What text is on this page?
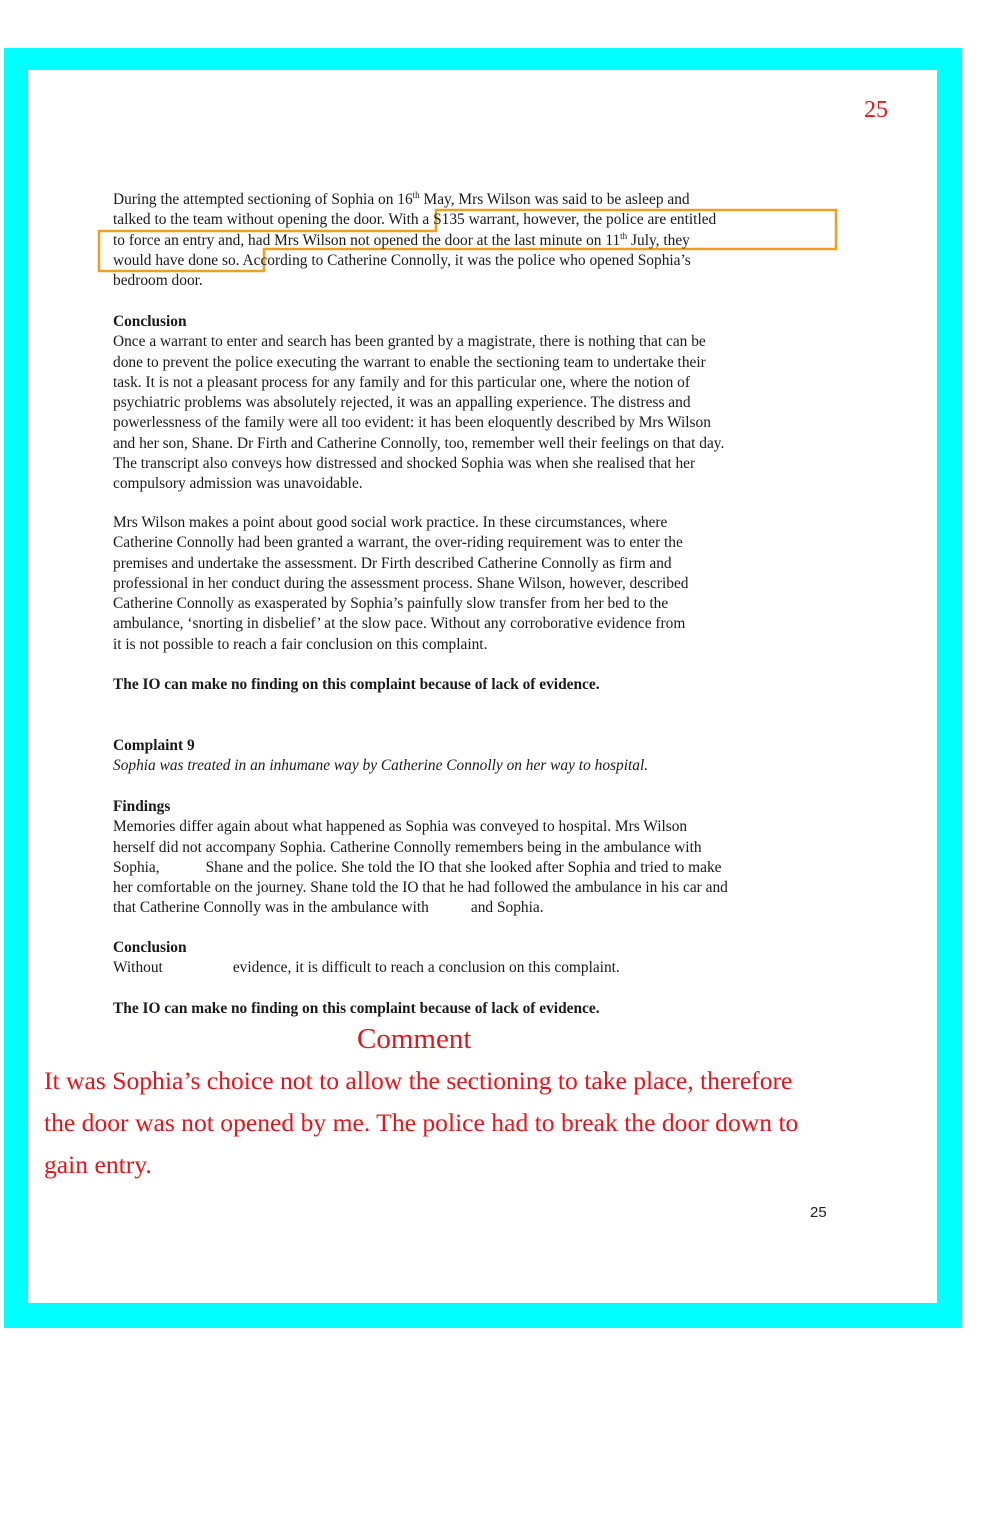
25
During the attempted sectioning of Sophia on 16th May, Mrs Wilson was said to be asleep and
talked to the team without opening the door. With a S135 warrant, however, the police are entitled
to force an entry and, had Mrs Wilson not opened the door at the last minute on 11th July, they
would have done so. According to Catherine Connolly, it was the police who opened Sophia’s
bedroom door.
Conclusion
Once a warrant to enter and search has been granted by a magistrate, there is nothing that can be
done to prevent the police executing the warrant to enable the sectioning team to undertake their
task. It is not a pleasant process for any family and for this particular one, where the notion of
psychiatric problems was absolutely rejected, it was an appalling experience. The distress and
powerlessness of the family were all too evident: it has been eloquently described by Mrs Wilson
and her son, Shane. Dr Firth and Catherine Connolly, too, remember well their feelings on that day.
The transcript also conveys how distressed and shocked Sophia was when she realised that her
compulsory admission was unavoidable.
Mrs Wilson makes a point about good social work practice. In these circumstances, where
Catherine Connolly had been granted a warrant, the over-riding requirement was to enter the
premises and undertake the assessment. Dr Firth described Catherine Connolly as firm and
professional in her conduct during the assessment process. Shane Wilson, however, described
Catherine Connolly as exasperated by Sophia’s painfully slow transfer from her bed to the
ambulance, ‘snorting in disbelief’ at the slow pace. Without any corroborative evidence from
it is not possible to reach a fair conclusion on this complaint.
The IO can make no finding on this complaint because of lack of evidence.
Complaint 9
Sophia was treated in an inhumane way by Catherine Connolly on her way to hospital.
Findings
Memories differ again about what happened as Sophia was conveyed to hospital. Mrs Wilson
herself did not accompany Sophia. Catherine Connolly remembers being in the ambulance with
Sophia,	Shane and the police. She told the IO that she looked after Sophia and tried to make
her comfortable on the journey. Shane told the IO that he had followed the ambulance in his car and
that Catherine Connolly was in the ambulance with	and Sophia.
Conclusion
Without	evidence, it is difficult to reach a conclusion on this complaint.
The IO can make no finding on this complaint because of lack of evidence.
Comment
It was Sophia’s choice not to allow the sectioning to take place, therefore
the door was not opened by me. The police had to break the door down to
gain entry.
25
